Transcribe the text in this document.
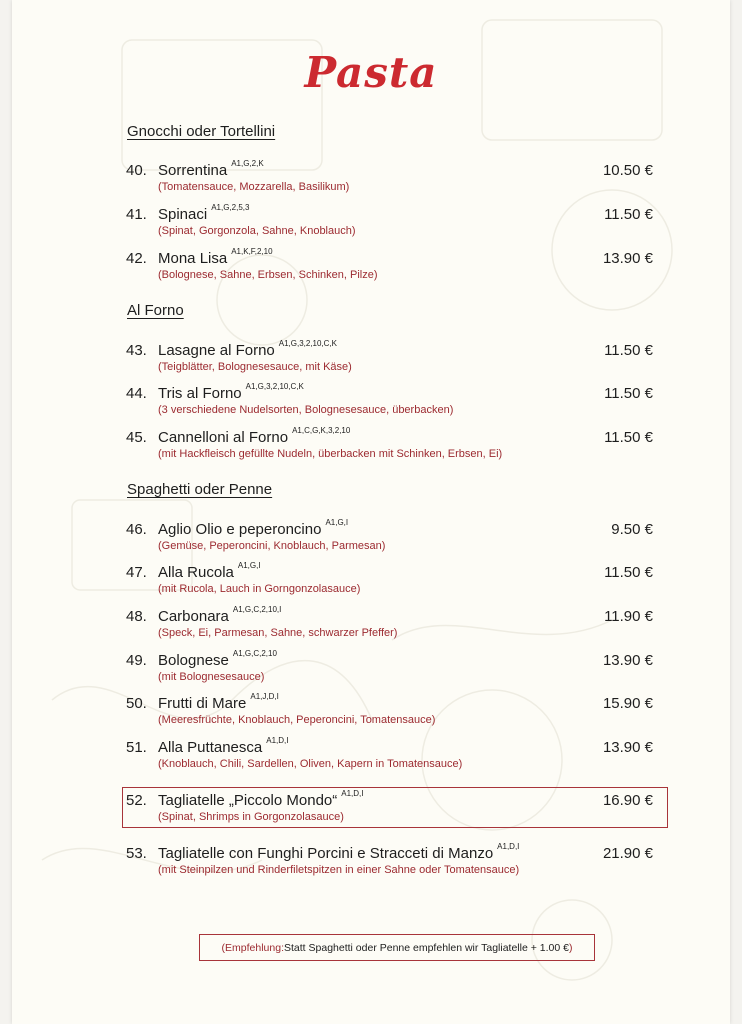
Pasta
Gnocchi oder Tortellini
40. Sorrentina $^{A1,G,2,K}$	10.50 €
(Tomatensauce, Mozzarella, Basilikum)
41. Spinaci $^{A1,G,2,5,3}$	11.50 €
(Spinat, Gorgonzola, Sahne, Knoblauch)
42. Mona Lisa $^{A1,K,F,2,10}$	13.90 €
(Bolognese, Sahne, Erbsen, Schinken, Pilze)
Al Forno
43. Lasagne al Forno $^{A1,G,3,2,10,C,K}$	11.50 €
(Teigblätter, Bolognesesauce, mit Käse)
44. Tris al Forno $^{A1,G,3,2,10,C,K}$	11.50 €
(3 verschiedene Nudelsorten, Bolognesesauce, überbacken)
45. Cannelloni al Forno $^{A1,C,G,K,3,2,10}$	11.50 €
(mit Hackfleisch gefüllte Nudeln, überbacken mit Schinken, Erbsen, Ei)
Spaghetti oder Penne
46. Aglio Olio e peperoncino $^{A1,G,I}$	9.50 €
(Gemüse, Peperoncini, Knoblauch, Parmesan)
47. Alla Rucola $^{A1,G,I}$	11.50 €
(mit Rucola, Lauch in Gorngonzolasauce)
48. Carbonara $^{A1,G,C,2,10,I}$	11.90 €
(Speck, Ei, Parmesan, Sahne, schwarzer Pfeffer)
49. Bolognese $^{A1,G,C,2,10}$	13.90 €
(mit Bolognesesauce)
50. Frutti di Mare $^{A1,J,D,I}$	15.90 €
(Meeresfrüchte, Knoblauch, Peperoncini, Tomatensauce)
51. Alla Puttanesca $^{A1,D,I}$	13.90 €
(Knoblauch, Chili, Sardellen, Oliven, Kapern in Tomatensauce)
52. Tagliatelle „Piccolo Mondo“ $^{A1,D,I}$	16.90 €
(Spinat, Shrimps in Gorgonzolasauce)
53. Tagliatelle con Funghi Porcini e Stracceti di Manzo $^{A1,D,I}$	21.90 €
(mit Steinpilzen und Rinderfiletspitzen in einer Sahne oder Tomatensauce)
( Empfehlung: Statt Spaghetti oder Penne empfehlen wir Tagliatelle + 1.00 € )
